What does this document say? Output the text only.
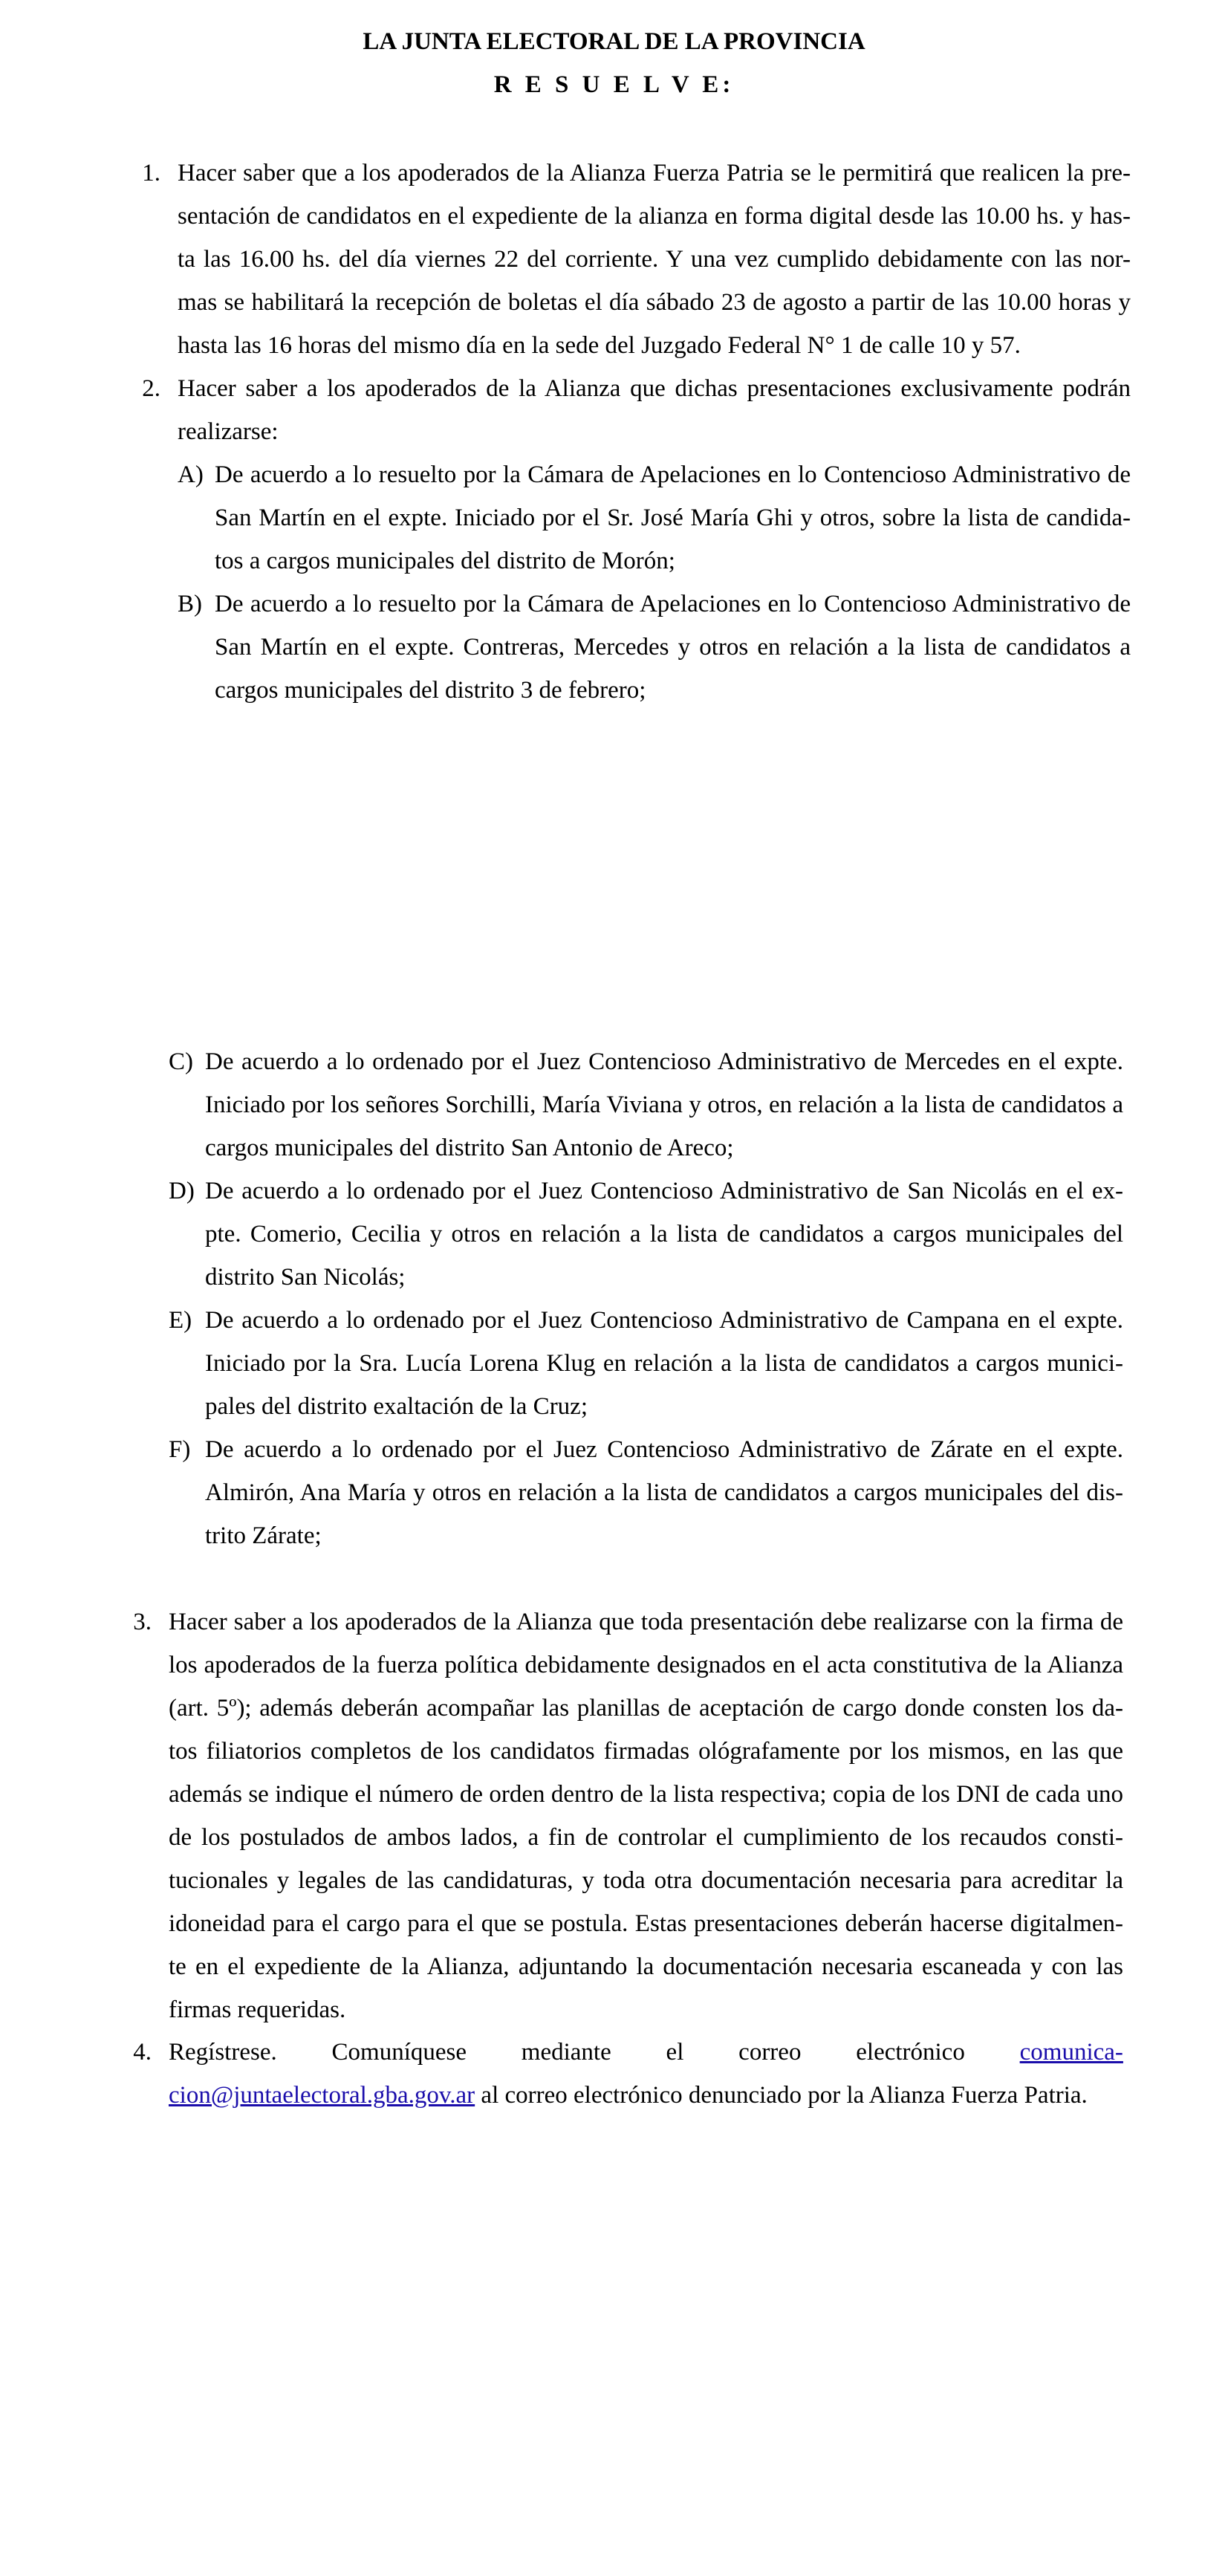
LA JUNTA ELECTORAL DE LA PROVINCIA
R E S U E L V E:
1. Hacer saber que a los apoderados de la Alianza Fuerza Patria se le permitirá que realicen la pre-sentación de candidatos en el expediente de la alianza en forma digital desde las 10.00 hs. y has-ta las 16.00 hs. del día viernes 22 del corriente. Y una vez cumplido debidamente con las nor-mas se habilitará la recepción de boletas el día sábado 23 de agosto a partir de las 10.00 horas y hasta las 16 horas del mismo día en la sede del Juzgado Federal N° 1 de calle 10 y 57.
2. Hacer saber a los apoderados de la Alianza que dichas presentaciones exclusivamente podrán realizarse:
A) De acuerdo a lo resuelto por la Cámara de Apelaciones en lo Contencioso Administrativo de San Martín en el expte. Iniciado por el Sr. José María Ghi y otros, sobre la lista de candida-tos a cargos municipales del distrito de Morón;
B) De acuerdo a lo resuelto por la Cámara de Apelaciones en lo Contencioso Administrativo de San Martín en el expte. Contreras, Mercedes y otros en relación a la lista de candidatos a cargos municipales del distrito 3 de febrero;
C) De acuerdo a lo ordenado por el Juez Contencioso Administrativo de Mercedes en el expte. Iniciado por los señores Sorchilli, María Viviana y otros, en relación a la lista de candidatos a cargos municipales del distrito San Antonio de Areco;
D) De acuerdo a lo ordenado por el Juez Contencioso Administrativo de San Nicolás en el ex-pte. Comerio, Cecilia y otros en relación a la lista de candidatos a cargos municipales del distrito San Nicolás;
E) De acuerdo a lo ordenado por el Juez Contencioso Administrativo de Campana en el expte. Iniciado por la Sra. Lucía Lorena Klug en relación a la lista de candidatos a cargos munici-pales del distrito exaltación de la Cruz;
F) De acuerdo a lo ordenado por el Juez Contencioso Administrativo de Zárate en el expte. Almirón, Ana María y otros en relación a la lista de candidatos a cargos municipales del dis-trito Zárate;
3. Hacer saber a los apoderados de la Alianza que toda presentación debe realizarse con la firma de los apoderados de la fuerza política debidamente designados en el acta constitutiva de la Alianza (art. 5º); además deberán acompañar las planillas de aceptación de cargo donde consten los da-tos filiatorios completos de los candidatos firmadas ológrafamente por los mismos, en las que además se indique el número de orden dentro de la lista respectiva; copia de los DNI de cada uno de los postulados de ambos lados, a fin de controlar el cumplimiento de los recaudos consti-tucionales y legales de las candidaturas, y toda otra documentación necesaria para acreditar la idoneidad para el cargo para el que se postula. Estas presentaciones deberán hacerse digitalmen-te en el expediente de la Alianza, adjuntando la documentación necesaria escaneada y con las firmas requeridas.
4. Regístrese. Comuníquese mediante el correo electrónico comunica-
cion@juntaelectoral.gba.gov.ar al correo electrónico denunciado por la Alianza Fuerza Patria.
